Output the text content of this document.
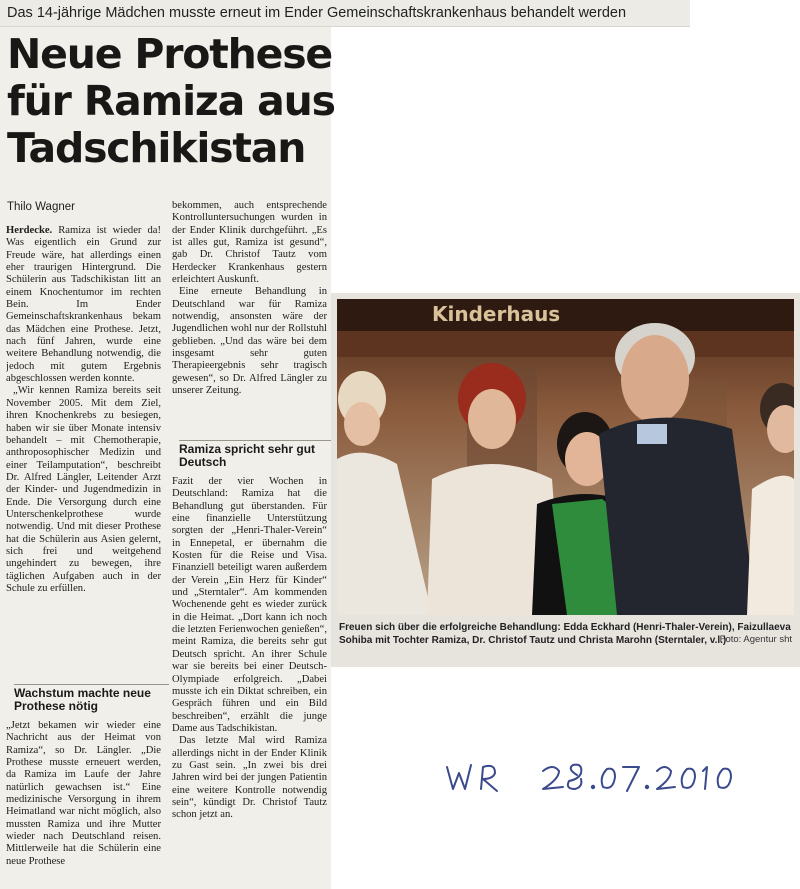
Das 14-jährige Mädchen musste erneut im Ender Gemeinschaftskrankenhaus behandelt werden
Neue Prothese
für Ramiza aus
Tadschikistan
Thilo Wagner

Herdecke. Ramiza ist wieder da! Was eigentlich ein Grund zur Freude wäre, hat allerdings einen eher traurigen Hintergrund. Die Schülerin aus Tadschikistan litt an einem Knochentumor im rechten Bein. Im Ender Gemeinschaftskrankenhaus bekam das Mädchen eine Prothese. Jetzt, nach fünf Jahren, wurde eine weitere Behandlung notwendig, die jedoch mit gutem Ergebnis abgeschlossen werden konnte.

„Wir kennen Ramiza bereits seit November 2005. Mit dem Ziel, ihren Knochenkrebs zu besiegen, haben wir sie über Monate intensiv behandelt – mit Chemotherapie, anthroposophischer Medizin und einer Teilamputation“, beschreibt Dr. Alfred Längler, Leitender Arzt der Kinder- und Jugendmedizin in Ende. Die Versorgung durch eine Unterschenkelprothese wurde notwendig. Und mit dieser Prothese hat die Schülerin aus Asien gelernt, sich frei und weitgehend ungehindert zu bewegen, ihre täglichen Aufgaben auch in der Schule zu erfüllen.

Wachstum machte neue Prothese nötig

„Jetzt bekamen wir wieder eine Nachricht aus der Heimat von Ramiza“, so Dr. Längler. „Die Prothese musste erneuert werden, da Ramiza im Laufe der Jahre natürlich gewachsen ist.“ Eine medizinische Versorgung in ihrem Heimatland war nicht möglich, also mussten Ramiza und ihre Mutter wieder nach Deutschland reisen. Mittlerweile hat die Schülerin eine neue Prothese

bekommen, auch entsprechende Kontrolluntersuchungen wurden in der Ender Klinik durchgeführt. „Es ist alles gut, Ramiza ist gesund“, gab Dr. Christof Tautz vom Herdecker Krankenhaus gestern erleichtert Auskunft.

Eine erneute Behandlung in Deutschland war für Ramiza notwendig, ansonsten wäre der Jugendlichen wohl nur der Rollstuhl geblieben. „Und das wäre bei dem insgesamt sehr guten Therapieergebnis sehr tragisch gewesen“, so Dr. Alfred Längler zu unserer Zeitung.

Ramiza spricht sehr gut Deutsch

Fazit der vier Wochen in Deutschland: Ramiza hat die Behandlung gut überstanden. Für eine finanzielle Unterstützung sorgten der „Henri-Thaler-Verein“ in Ennepetal, er übernahm die Kosten für die Reise und Visa. Finanziell beteiligt waren außerdem der Verein „Ein Herz für Kinder“ und „Sterntaler“. Am kommenden Wochenende geht es wieder zurück in die Heimat. „Dort kann ich noch die letzten Ferienwochen genießen“, meint Ramiza, die bereits sehr gut Deutsch spricht. An ihrer Schule war sie bereits bei einer Deutsch-Olympiade erfolgreich. „Dabei musste ich ein Diktat schreiben, ein Gespräch führen und ein Bild beschreiben“, erzählt die junge Dame aus Tadschikistan.

Das letzte Mal wird Ramiza allerdings nicht in der Ender Klinik zu Gast sein. „In zwei bis drei Jahren wird bei der jungen Patientin eine weitere Kontrolle notwendig sein“, kündigt Dr. Christof Tautz schon jetzt an.

Kinderhaus
Freuen sich über die erfolgreiche Behandlung: Edda Eckhard (Henri-Thaler-Verein), Faizullaeva Sohiba mit Tochter Ramiza, Dr. Christof Tautz und Christa Marohn (Sterntaler, v.l.)
Foto: Agentur sht
